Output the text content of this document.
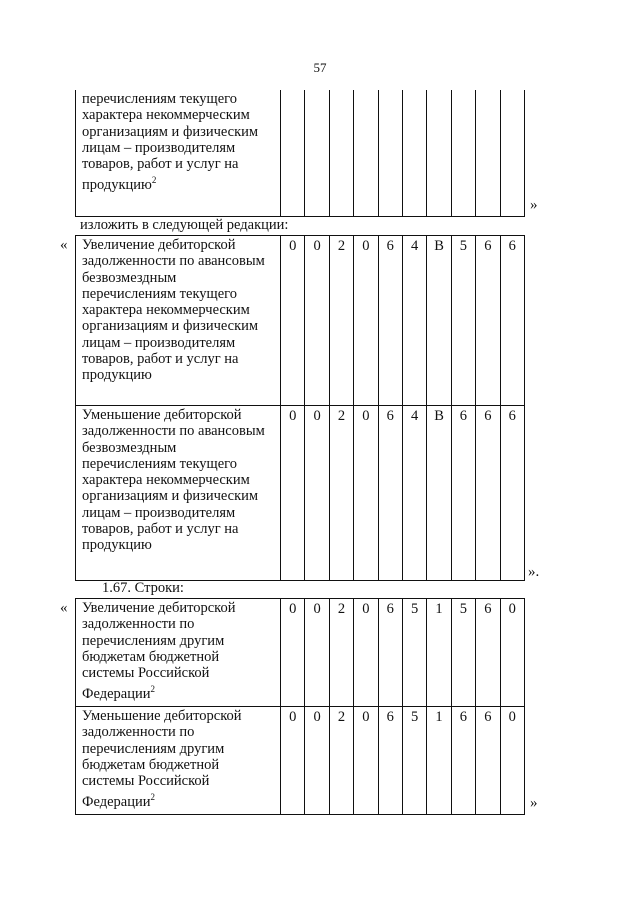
57
перечислениям текущего характера некоммерческим организациям и физическим лицам – производителям товаров, работ и услуг на продукцию$^2$										
»
изложить в следующей редакции:
« Увеличение дебиторской задолженности по авансовым безвозмездным перечислениям текущего характера некоммерческим организациям и физическим лицам – производителям товаров, работ и услуг на продукцию	0	0	2	0	6	4	В	5	6	6
Уменьшение дебиторской задолженности по авансовым безвозмездным перечислениям текущего характера некоммерческим организациям и физическим лицам – производителям товаров, работ и услуг на продукцию	0	0	2	0	6	4	В	6	6	6
».
1.67. Строки:
« Увеличение дебиторской задолженности по перечислениям другим бюджетам бюджетной системы Российской Федерации$^2$	0	0	2	0	6	5	1	5	6	0
Уменьшение дебиторской задолженности по перечислениям другим бюджетам бюджетной системы Российской Федерации$^2$	0	0	2	0	6	5	1	6	6	0
»
